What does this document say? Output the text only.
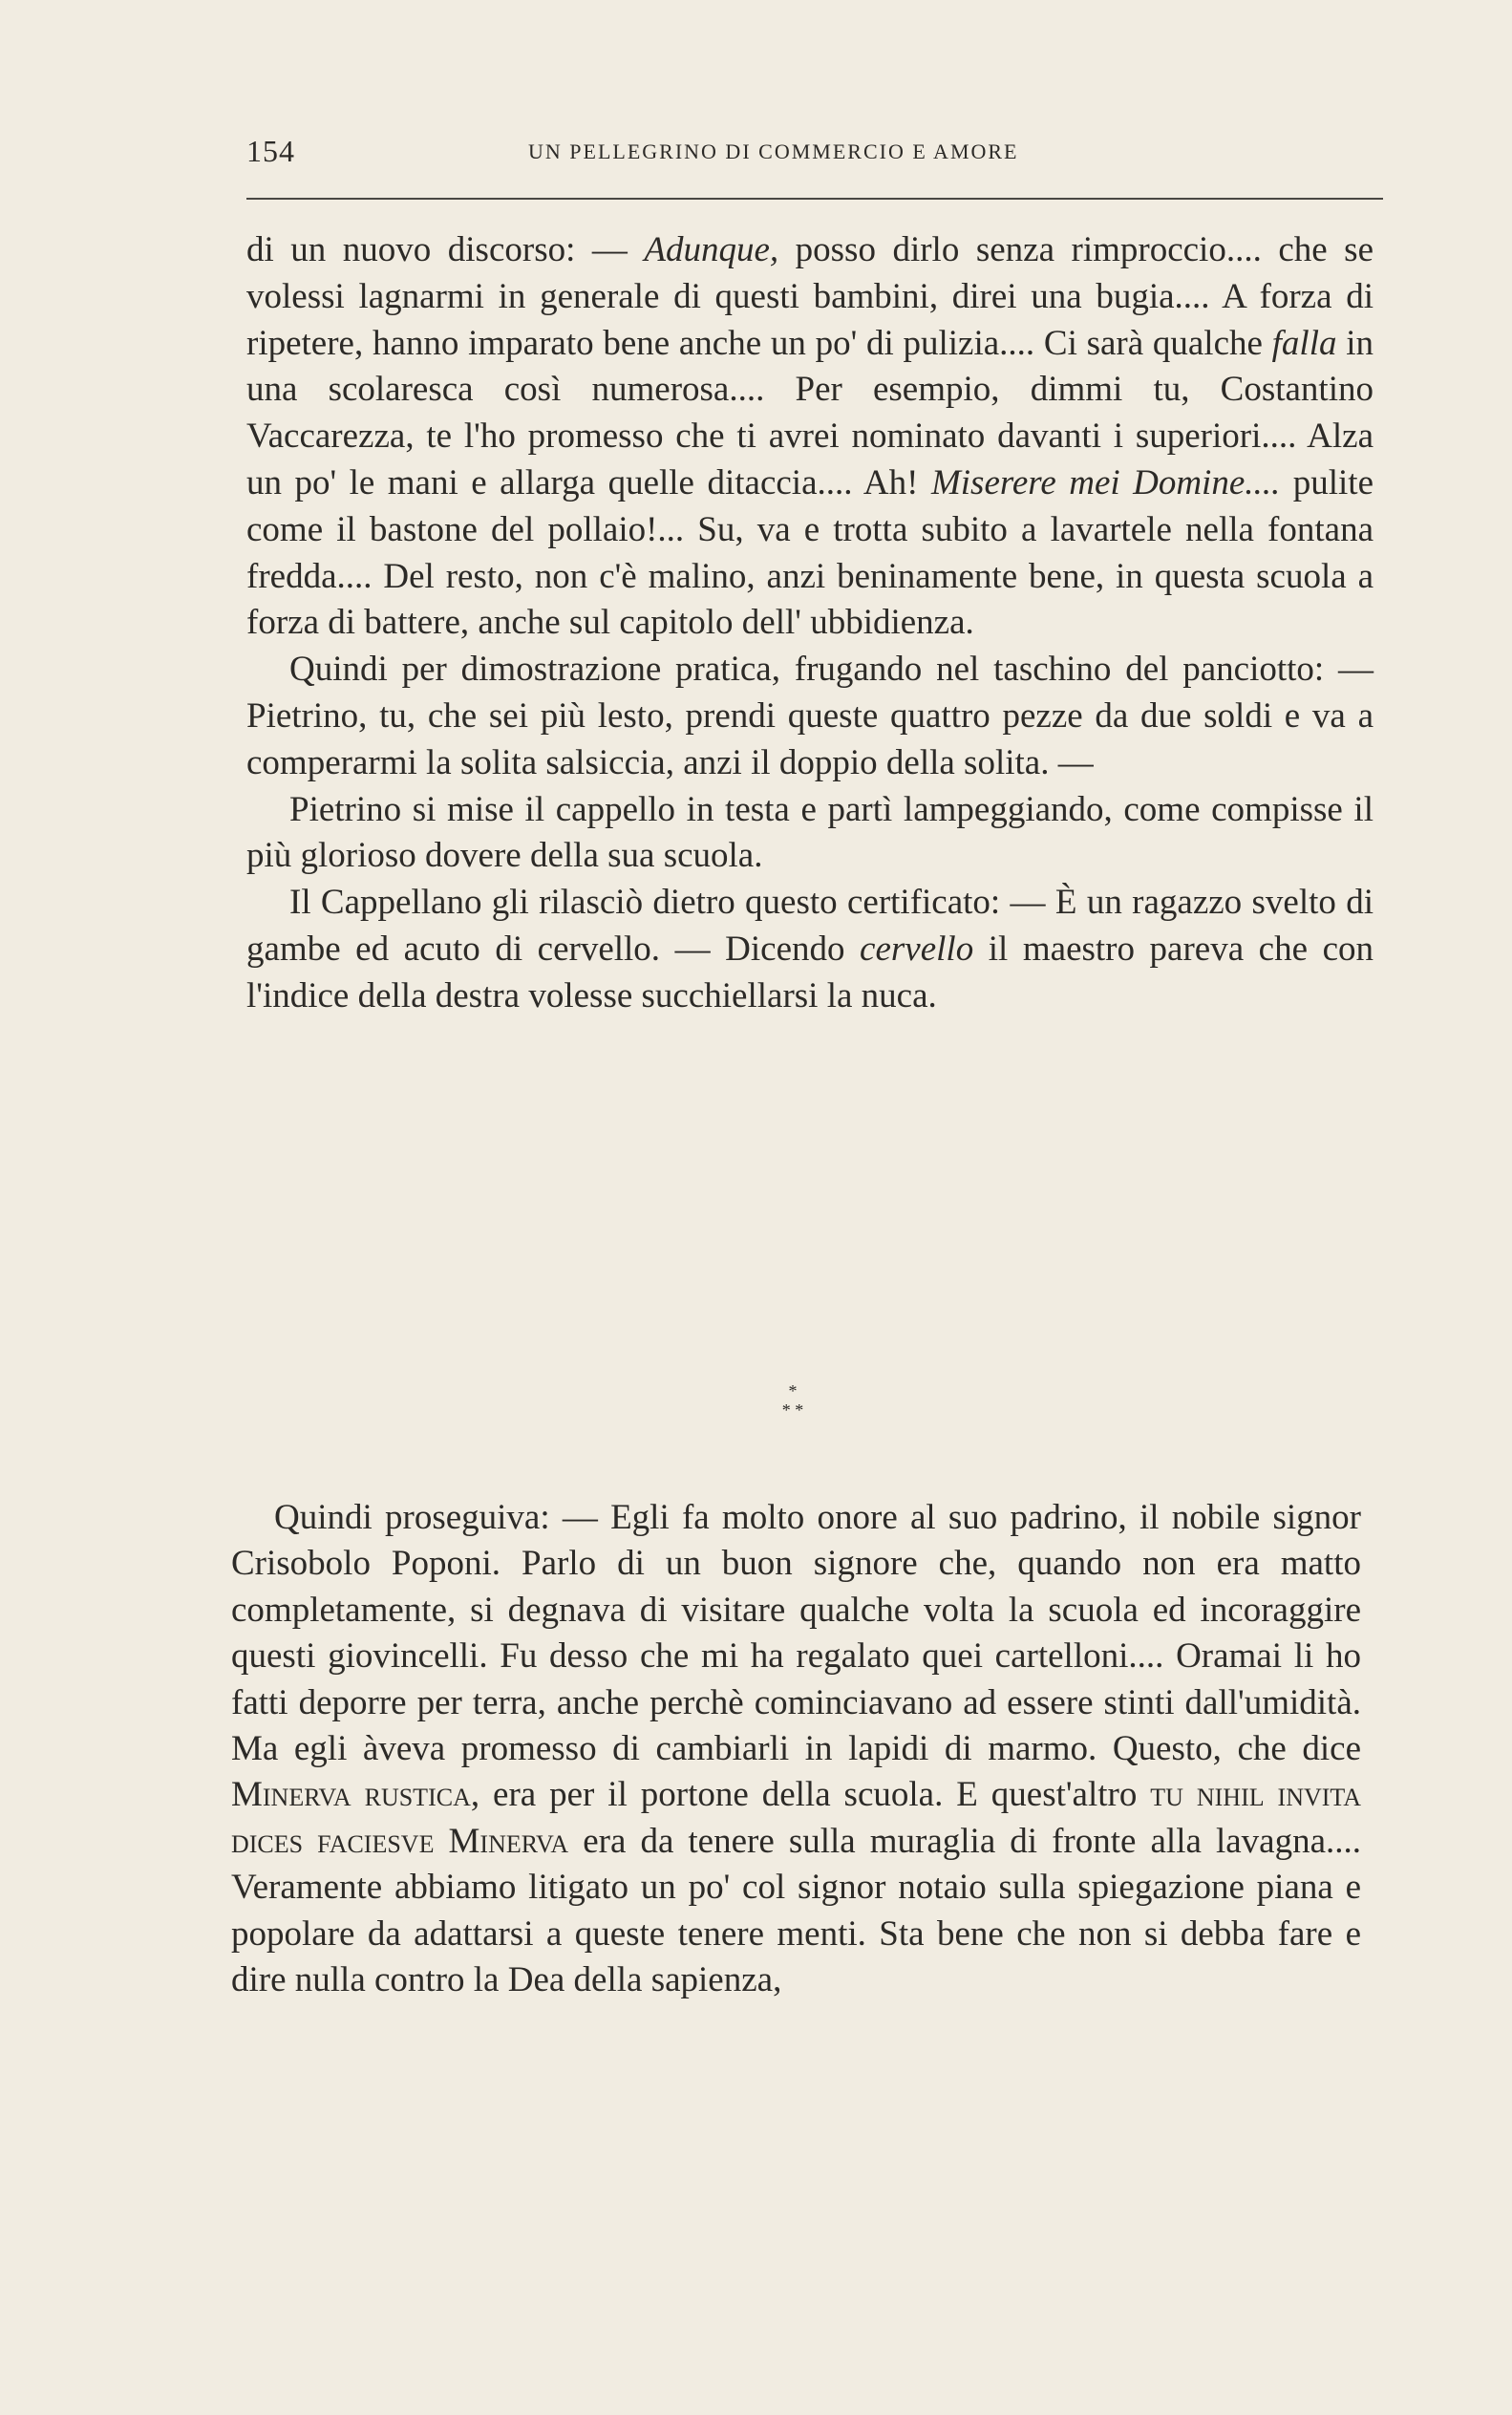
154	UN PELLEGRINO DI COMMERCIO E AMORE

di un nuovo discorso: — Adunque, posso dirlo senza rimproccio.... che se volessi lagnarmi in generale di questi bambini, direi una bugia.... A forza di ripetere, hanno imparato bene anche un po' di pulizia.... Ci sarà qualche falla in una scolaresca così numerosa.... Per esempio, dimmi tu, Costantino Vaccarezza, te l'ho promesso che ti avrei nominato davanti i superiori.... Alza un po' le mani e allarga quelle ditaccia.... Ah! Miserere mei Domine.... pulite come il bastone del pollaio!... Su, va e trotta subito a lavartele nella fontana fredda.... Del resto, non c'è malino, anzi beninamente bene, in questa scuola a forza di battere, anche sul capitolo dell' ubbidienza.

Quindi per dimostrazione pratica, frugando nel taschino del panciotto: — Pietrino, tu, che sei più lesto, prendi queste quattro pezze da due soldi e va a comperarmi la solita salsiccia, anzi il doppio della solita. —

Pietrino si mise il cappello in testa e partì lampeggiando, come compisse il più glorioso dovere della sua scuola.

Il Cappellano gli rilasciò dietro questo certificato: — È un ragazzo svelto di gambe ed acuto di cervello. — Dicendo cervello il maestro pareva che con l'indice della destra volesse succhiellarsi la nuca.

*
* *

Quindi proseguiva: — Egli fa molto onore al suo padrino, il nobile signor Crisobolo Poponi. Parlo di un buon signore che, quando non era matto completamente, si degnava di visitare qualche volta la scuola ed incoraggire questi giovincelli. Fu desso che mi ha regalato quei cartelloni.... Oramai li ho fatti deporre per terra, anche perchè cominciavano ad essere stinti dall'umidità. Ma egli àveva promesso di cambiarli in lapidi di marmo. Questo, che dice Minerva rustica, era per il portone della scuola. E quest'altro tu nihil invita dices faciesve Minerva era da tenere sulla muraglia di fronte alla lavagna.... Veramente abbiamo litigato un po' col signor notaio sulla spiegazione piana e popolare da adattarsi a queste tenere menti. Sta bene che non si debba fare e dire nulla contro la Dea della sapienza,
